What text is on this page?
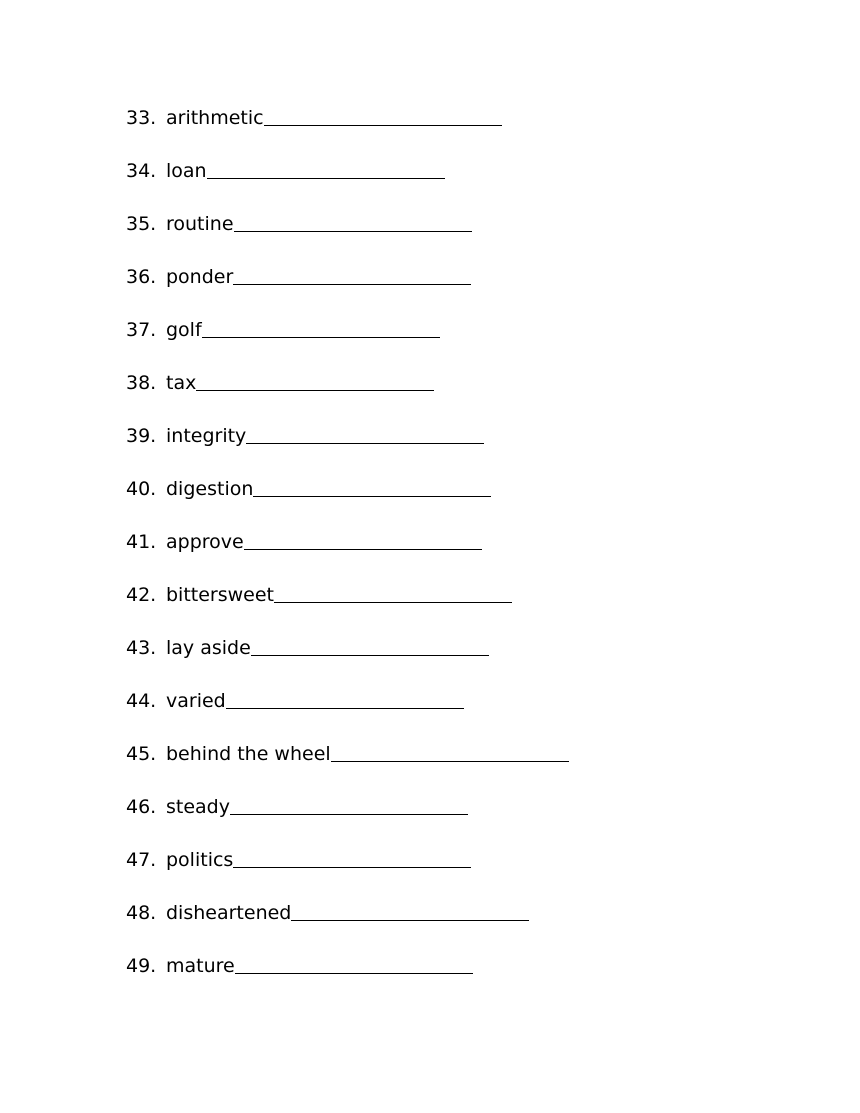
33. arithmetic
34. loan
35. routine
36. ponder
37. golf
38. tax
39. integrity
40. digestion
41. approve
42. bittersweet
43. lay aside
44. varied
45. behind the wheel
46. steady
47. politics
48. disheartened
49. mature
